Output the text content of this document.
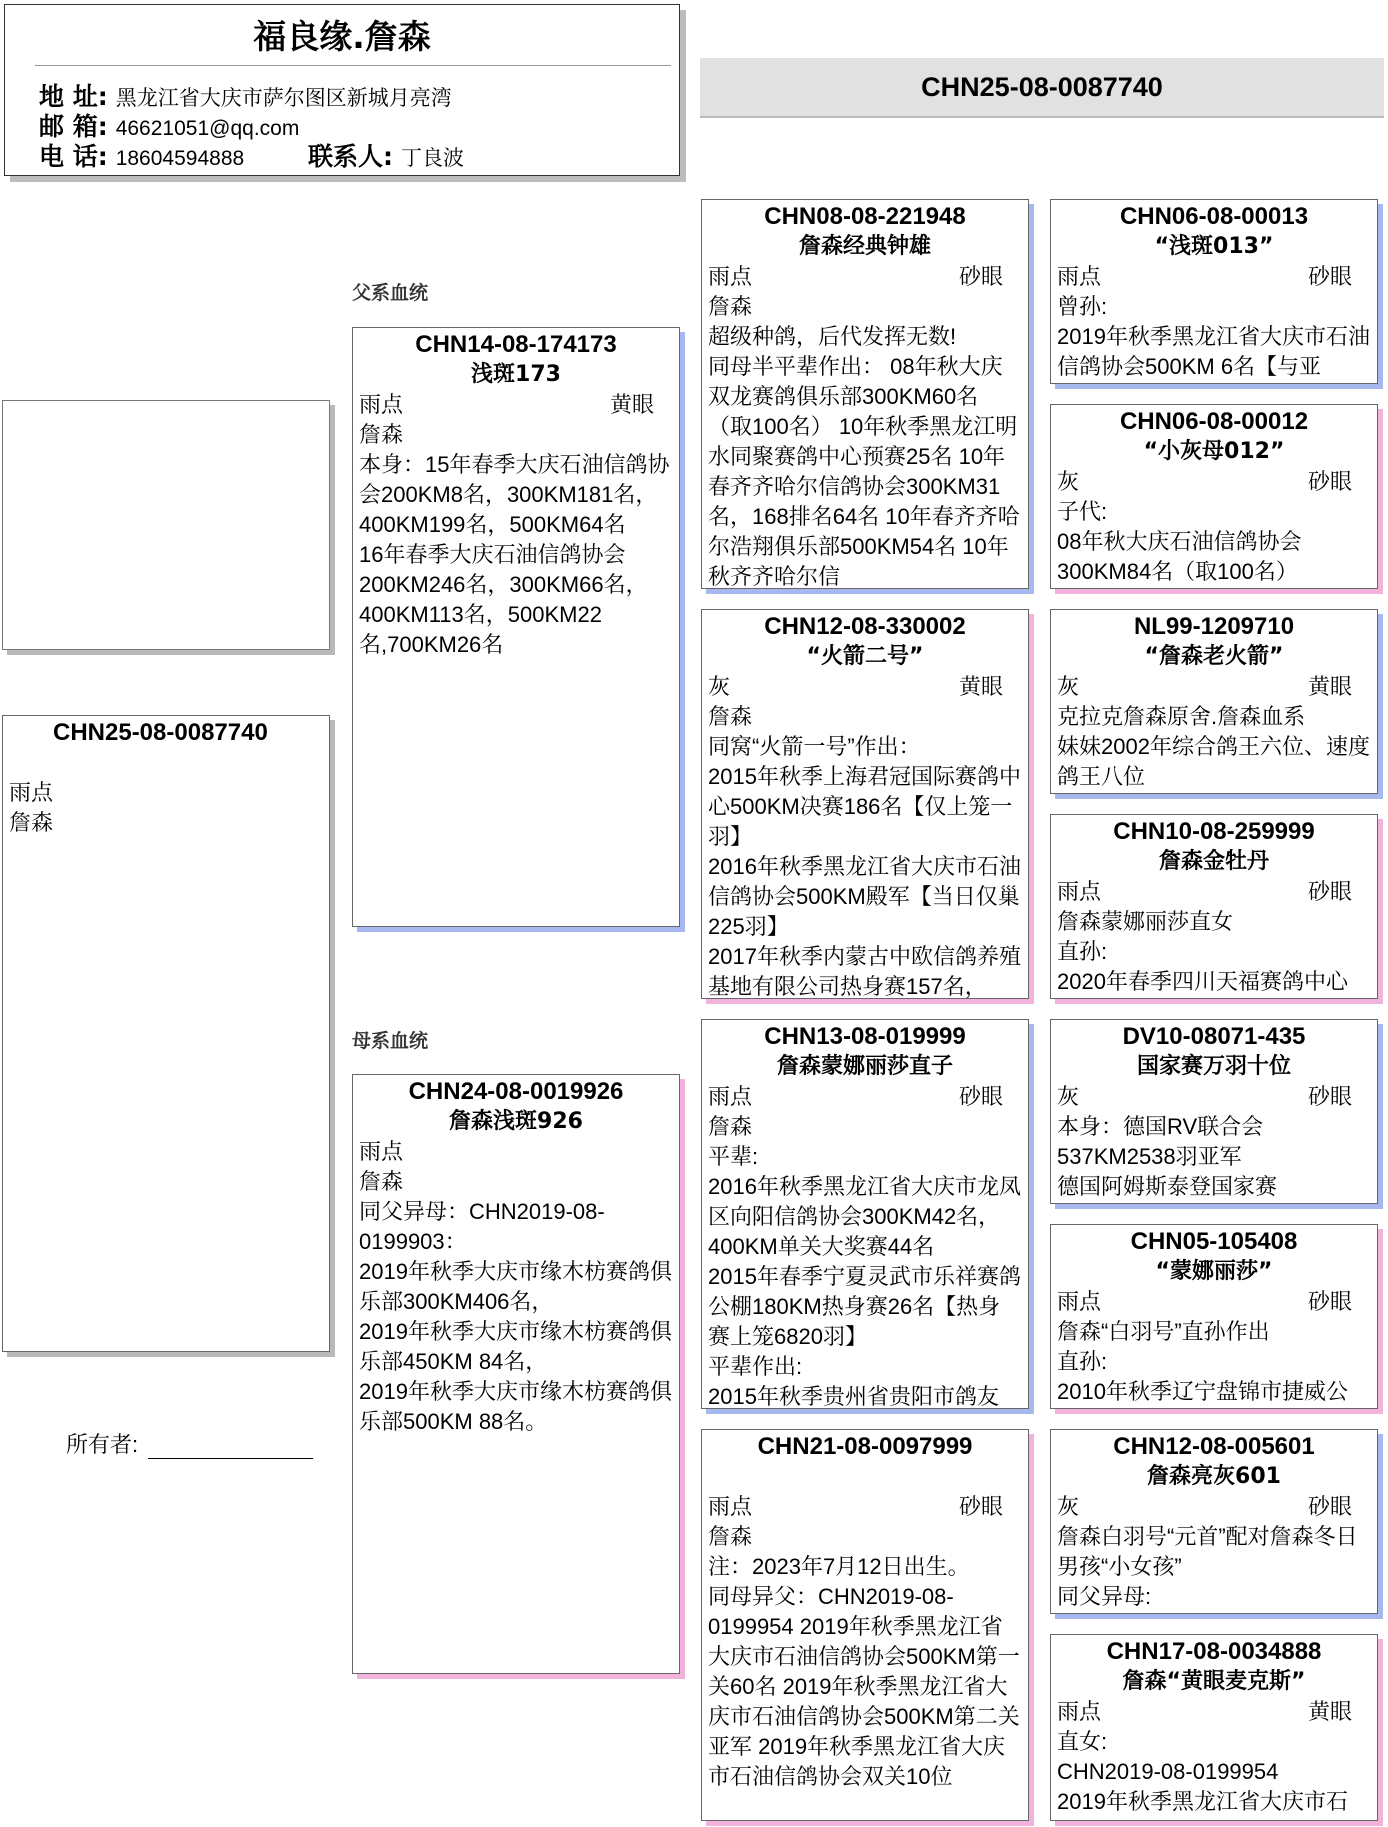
福良缘.詹森
地 址: 黑龙江省大庆市萨尔图区新城月亮湾
邮 箱: 46621051@qq.com
电 话: 18604594888	联系人: 丁良波
CHN25-08-0087740
CHN25-08-0087740
雨点
詹森
所有者:
父系血统
母系血统
CHN14-08-174173
浅斑173
雨点	黄眼
詹森
本身：15年春季大庆石油信鸽协会200KM8名，300KM181名，400KM199名，500KM64名
16年春季大庆石油信鸽协会200KM246名，300KM66名，400KM113名，500KM22名,700KM26名
CHN24-08-0019926
詹森浅斑926
雨点
詹森
同父异母：CHN2019-08-0199903：
2019年秋季大庆市缘木枋赛鸽俱乐部300KM406名，
2019年秋季大庆市缘木枋赛鸽俱乐部450KM 84名，
2019年秋季大庆市缘木枋赛鸽俱乐部500KM 88名。
CHN08-08-221948
詹森经典钟雄
雨点	砂眼
詹森
超级种鸽，后代发挥无数!
同母半平辈作出： 08年秋大庆双龙赛鸽俱乐部300KM60名（取100名） 10年秋季黑龙江明水同聚赛鸽中心预赛25名 10年春齐齐哈尔信鸽协会300KM31名，168排名64名 10年春齐齐哈尔浩翔俱乐部500KM54名 10年秋齐齐哈尔信
CHN12-08-330002
“火箭二号”
灰	黄眼
詹森
同窝“火箭一号”作出：
2015年秋季上海君冠国际赛鸽中心500KM决赛186名【仅上笼一羽】
2016年秋季黑龙江省大庆市石油信鸽协会500KM殿军【当日仅巢225羽】
2017年秋季内蒙古中欧信鸽养殖基地有限公司热身赛157名，
CHN13-08-019999
詹森蒙娜丽莎直子
雨点	砂眼
詹森
平辈:
2016年秋季黑龙江省大庆市龙凤区向阳信鸽协会300KM42名，400KM单关大奖赛44名
2015年春季宁夏灵武市乐祥赛鸽公棚180KM热身赛26名【热身赛上笼6820羽】
平辈作出:
2015年秋季贵州省贵阳市鸽友
CHN21-08-0097999
雨点	砂眼
詹森
注：2023年7月12日出生。
同母异父：CHN2019-08-0199954 2019年秋季黑龙江省大庆市石油信鸽协会500KM第一关60名 2019年秋季黑龙江省大庆市石油信鸽协会500KM第二关亚军 2019年秋季黑龙江省大庆市石油信鸽协会双关10位
CHN06-08-00013
“浅斑013”
雨点	砂眼
曾孙:
2019年秋季黑龙江省大庆市石油信鸽协会500KM 6名【与亚
CHN06-08-00012
“小灰母012”
灰	砂眼
子代:
08年秋大庆石油信鸽协会300KM84名（取100名）
NL99-1209710
“詹森老火箭”
灰	黄眼
克拉克詹森原舍.詹森血系
妹妹2002年综合鸽王六位、速度鸽王八位
CHN10-08-259999
詹森金牡丹
雨点	砂眼
詹森蒙娜丽莎直女
直孙:
2020年春季四川天福赛鸽中心
DV10-08071-435
国家赛万羽十位
灰	砂眼
本身：德国RV联合会537KM2538羽亚军
德国阿姆斯泰登国家赛
CHN05-105408
“蒙娜丽莎”
雨点	砂眼
詹森“白羽号”直孙作出
直孙:
2010年秋季辽宁盘锦市捷威公
CHN12-08-005601
詹森亮灰601
灰	砂眼
詹森白羽号“元首”配对詹森冬日男孩“小女孩”
同父异母:
CHN17-08-0034888
詹森“黄眼麦克斯”
雨点	黄眼
直女:
CHN2019-08-0199954
2019年秋季黑龙江省大庆市石
